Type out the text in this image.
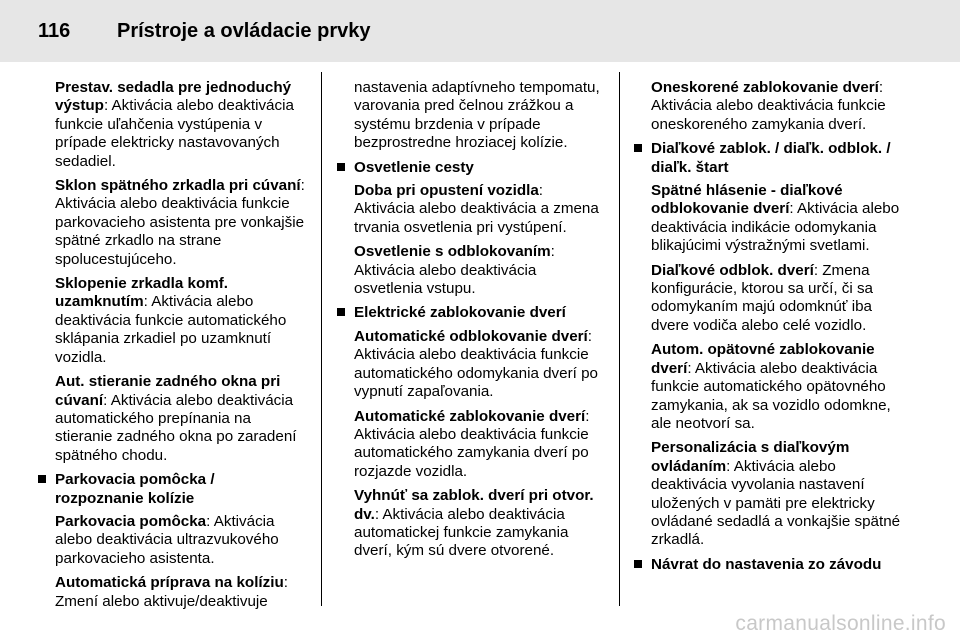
116 Prístroje a ovládacie prvky

Prestav. sedadla pre jednoduchý výstup: Aktivácia alebo deaktivácia funkcie uľahčenia vystúpenia v prípade elektricky nastavovaných sedadiel.

Sklon spätného zrkadla pri cúvaní: Aktivácia alebo deaktivácia funkcie parkovacieho asistenta pre vonkajšie spätné zrkadlo na strane spolucestujúceho.

Sklopenie zrkadla komf. uzamknutím: Aktivácia alebo deaktivácia funkcie automatického sklápania zrkadiel po uzamknutí vozidla.

Aut. stieranie zadného okna pri cúvaní: Aktivácia alebo deaktivácia automatického prepínania na stieranie zadného okna po zaradení spätného chodu.

Parkovacia pomôcka / rozpoznanie kolízie

Parkovacia pomôcka: Aktivácia alebo deaktivácia ultrazvukového parkovacieho asistenta.

Automatická príprava na kolíziu: Zmení alebo aktivuje/deaktivuje

nastavenia adaptívneho tempomatu, varovania pred čelnou zrážkou a systému brzdenia v prípade bezprostredne hroziacej kolízie.

Osvetlenie cesty

Doba pri opustení vozidla: Aktivácia alebo deaktivácia a zmena trvania osvetlenia pri vystúpení.

Osvetlenie s odblokovaním: Aktivácia alebo deaktivácia osvetlenia vstupu.

Elektrické zablokovanie dverí

Automatické odblokovanie dverí: Aktivácia alebo deaktivácia funkcie automatického odomykania dverí po vypnutí zapaľovania.

Automatické zablokovanie dverí: Aktivácia alebo deaktivácia funkcie automatického zamykania dverí po rozjazde vozidla.

Vyhnúť sa zablok. dverí pri otvor. dv.: Aktivácia alebo deaktivácia automatickej funkcie zamykania dverí, kým sú dvere otvorené.

Oneskorené zablokovanie dverí: Aktivácia alebo deaktivácia funkcie oneskoreného zamykania dverí.

Diaľkové zablok. / diaľk. odblok. / diaľk. štart

Spätné hlásenie - diaľkové odblokovanie dverí: Aktivácia alebo deaktivácia indikácie odomykania blikajúcimi výstražnými svetlami.

Diaľkové odblok. dverí: Zmena konfigurácie, ktorou sa určí, či sa odomykaním majú odomknúť iba dvere vodiča alebo celé vozidlo.

Autom. opätovné zablokovanie dverí: Aktivácia alebo deaktivácia funkcie automatického opätovného zamykania, ak sa vozidlo odomkne, ale neotvorí sa.

Personalizácia s diaľkovým ovládaním: Aktivácia alebo deaktivácia vyvolania nastavení uložených v pamäti pre elektricky ovládané sedadlá a vonkajšie spätné zrkadlá.

Návrat do nastavenia zo závodu
carmanualsonline.info
